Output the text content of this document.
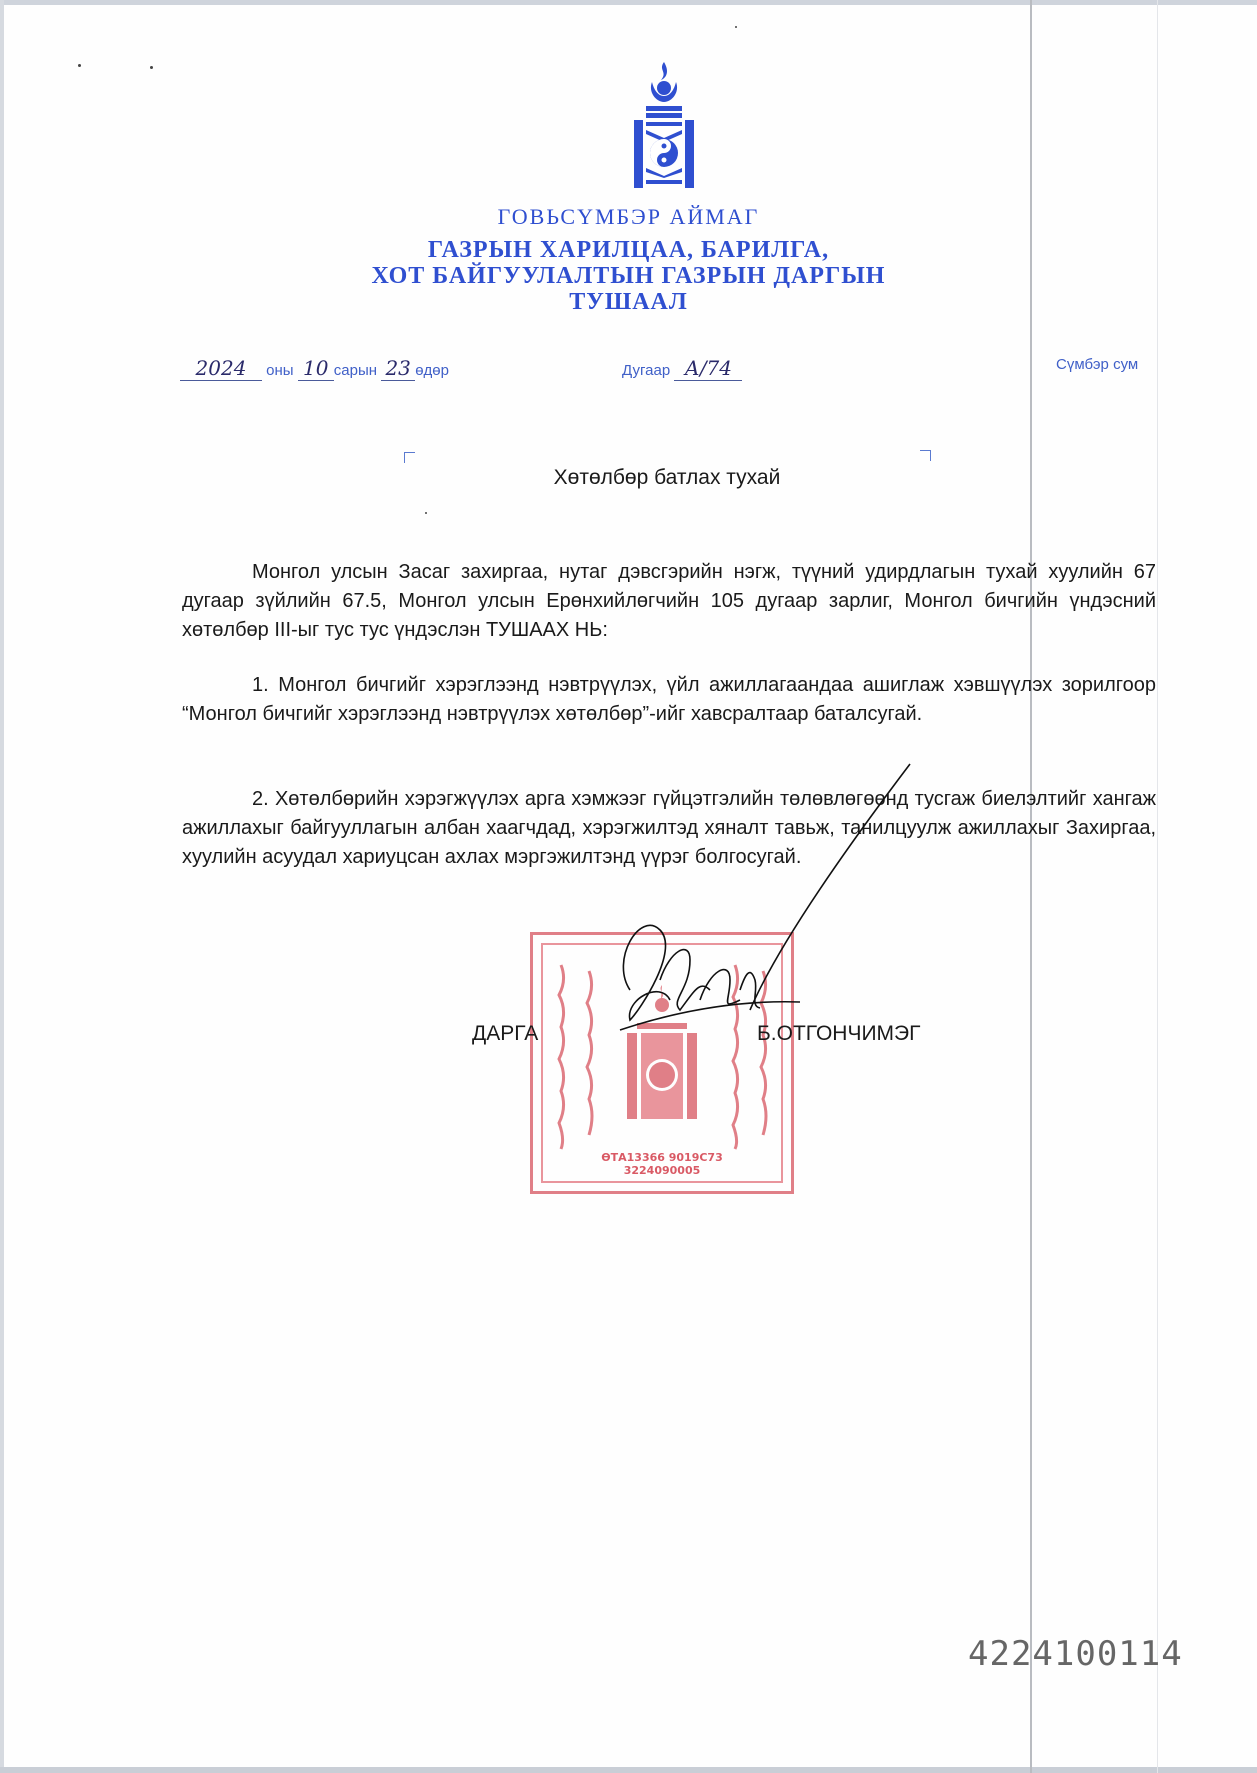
ГОВЬСҮМБЭР АЙМАГ
ГАЗРЫН ХАРИЛЦАА, БАРИЛГА,
ХОТ БАЙГУУЛАЛТЫН ГАЗРЫН ДАРГЫН
ТУШААЛ
2024 оны 10 сарын 23 өдөр	Дугаар А/74	Сүмбэр сум
Хөтөлбөр батлах тухай
Монгол улсын Засаг захиргаа, нутаг дэвсгэрийн нэгж, түүний удирдлагын тухай хуулийн 67 дугаар зүйлийн 67.5, Монгол улсын Ерөнхийлөгчийн 105 дугаар зарлиг, Монгол бичгийн үндэсний хөтөлбөр III-ыг тус тус үндэслэн ТУШААХ НЬ:
1. Монгол бичгийг хэрэглээнд нэвтрүүлэх, үйл ажиллагаандаа ашиглаж хэвшүүлэх зорилгоор “Монгол бичгийг хэрэглээнд нэвтрүүлэх хөтөлбөр”-ийг хавсралтаар баталсугай.
2. Хөтөлбөрийн хэрэгжүүлэх арга хэмжээг гүйцэтгэлийн төлөвлөгөөнд тусгаж биелэлтийг хангаж ажиллахыг байгууллагын албан хаагчдад, хэрэгжилтэд хяналт тавьж, танилцуулж ажиллахыг Захиргаа, хуулийн асуудал хариуцсан ахлах мэргэжилтэнд үүрэг болгосугай.
ӨТА13366 9019С73
3224090005
ДАРГА	Б.ОТГОНЧИМЭГ
4224100114
